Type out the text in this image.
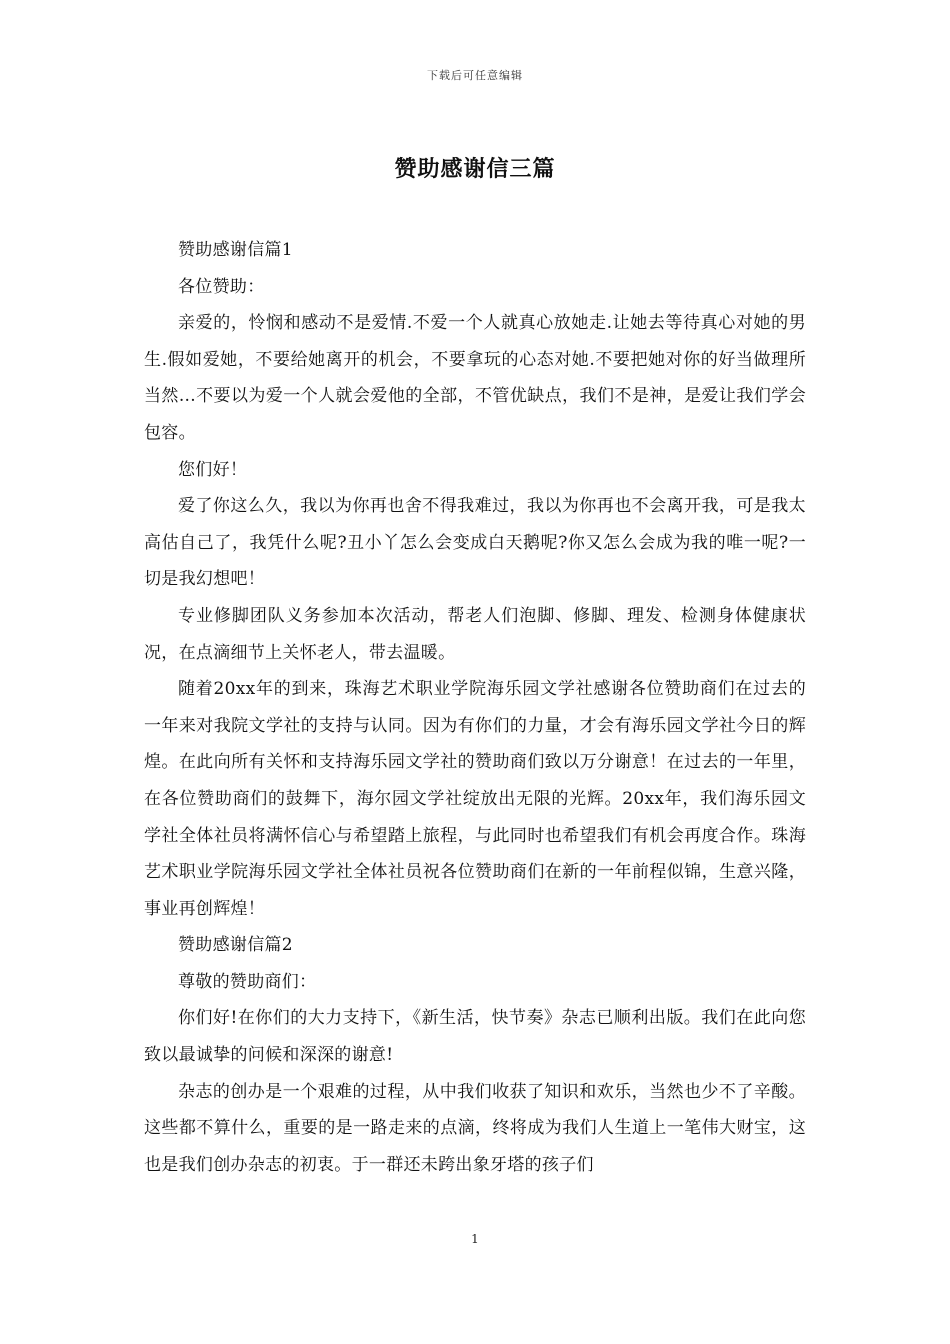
下载后可任意编辑
赞助感谢信三篇

赞助感谢信篇1

各位赞助：

亲爱的，怜悯和感动不是爱情.不爱一个人就真心放她走.让她去等待真心对她的男生.假如爱她，不要给她离开的机会，不要拿玩的心态对她.不要把她对你的好当做理所当然...不要以为爱一个人就会爱他的全部，不管优缺点，我们不是神，是爱让我们学会包容。

您们好！

爱了你这么久，我以为你再也舍不得我难过，我以为你再也不会离开我，可是我太高估自己了，我凭什么呢?丑小丫怎么会变成白天鹅呢?你又怎么会成为我的唯一呢?一切是我幻想吧！

专业修脚团队义务参加本次活动，帮老人们泡脚、修脚、理发、检测身体健康状况，在点滴细节上关怀老人，带去温暖。

随着20xx年的到来，珠海艺术职业学院海乐园文学社感谢各位赞助商们在过去的一年来对我院文学社的支持与认同。因为有你们的力量，才会有海乐园文学社今日的辉煌。在此向所有关怀和支持海乐园文学社的赞助商们致以万分谢意！在过去的一年里，在各位赞助商们的鼓舞下，海尔园文学社绽放出无限的光辉。20xx年，我们海乐园文学社全体社员将满怀信心与希望踏上旅程，与此同时也希望我们有机会再度合作。珠海艺术职业学院海乐园文学社全体社员祝各位赞助商们在新的一年前程似锦，生意兴隆，事业再创辉煌！

赞助感谢信篇2

尊敬的赞助商们：

你们好!在你们的大力支持下，《新生活，快节奏》杂志已顺利出版。我们在此向您致以最诚挚的问候和深深的谢意!

杂志的创办是一个艰难的过程，从中我们收获了知识和欢乐，当然也少不了辛酸。这些都不算什么，重要的是一路走来的点滴，终将成为我们人生道上一笔伟大财宝，这也是我们创办杂志的初衷。于一群还未跨出象牙塔的孩子们

1
